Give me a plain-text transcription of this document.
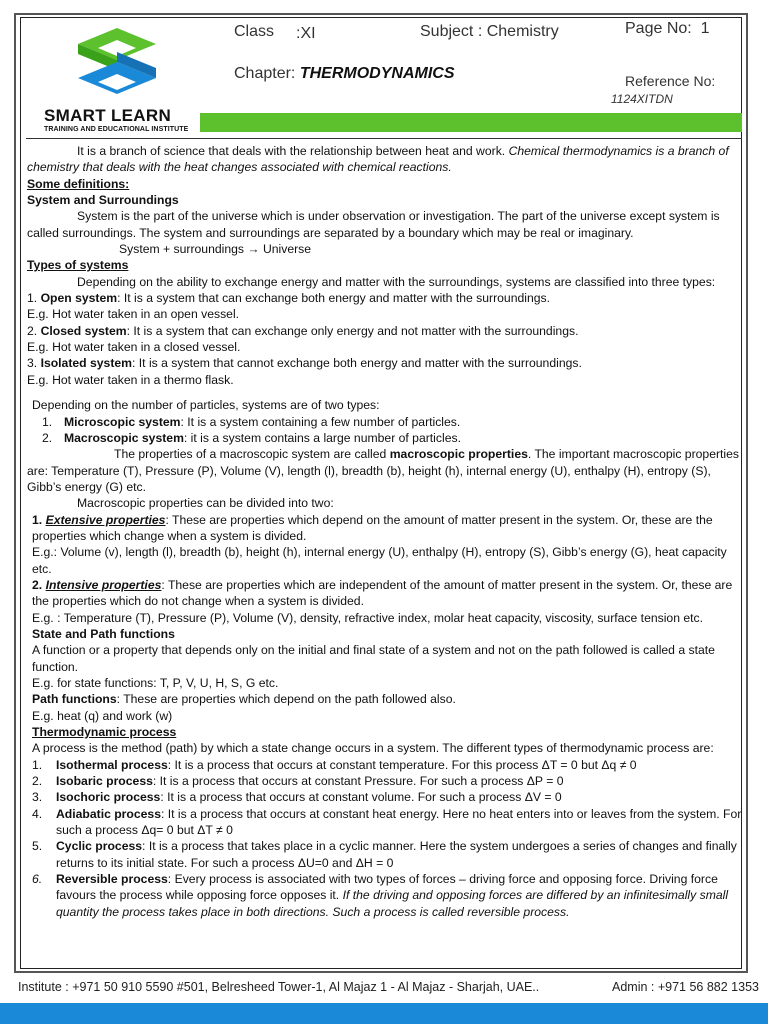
SMART LEARN
TRAINING AND EDUCATIONAL INSTITUTE
Class :XI	Subject : Chemistry	Page No: 1
Chapter: THERMODYNAMICS	Reference No:
1124XITDN

It is a branch of science that deals with the relationship between heat and work. Chemical thermodynamics is a branch of chemistry that deals with the heat changes associated with chemical reactions.

Some definitions:

System and Surroundings

System is the part of the universe which is under observation or investigation. The part of the universe except system is called surroundings. The system and surroundings are separated by a boundary which may be real or imaginary.

System + surroundings → Universe

Types of systems

Depending on the ability to exchange energy and matter with the surroundings, systems are classified into three types:

1. Open system: It is a system that can exchange both energy and matter with the surroundings.

E.g. Hot water taken in an open vessel.

2. Closed system: It is a system that can exchange only energy and not matter with the surroundings.

E.g. Hot water taken in a closed vessel.

3. Isolated system: It is a system that cannot exchange both energy and matter with the surroundings.

E.g. Hot water taken in a thermo flask.

Depending on the number of particles, systems are of two types:

1. Microscopic system: It is a system containing a few number of particles.
2. Macroscopic system: it is a system contains a large number of particles.

The properties of a macroscopic system are called macroscopic properties. The important macroscopic properties are: Temperature (T), Pressure (P), Volume (V), length (l), breadth (b), height (h), internal energy (U), enthalpy (H), entropy (S), Gibb’s energy (G) etc.

Macroscopic properties can be divided into two:

1. Extensive properties: These are properties which depend on the amount of matter present in the system. Or, these are the properties which change when a system is divided.

E.g.: Volume (v), length (l), breadth (b), height (h), internal energy (U), enthalpy (H), entropy (S), Gibb’s energy (G), heat capacity etc.

2. Intensive properties: These are properties which are independent of the amount of matter present in the system. Or, these are the properties which do not change when a system is divided.

E.g. : Temperature (T), Pressure (P), Volume (V), density, refractive index, molar heat capacity, viscosity, surface tension etc.

State and Path functions

A function or a property that depends only on the initial and final state of a system and not on the path followed is called a state function.

E.g. for state functions: T, P, V, U, H, S, G etc.

Path functions: These are properties which depend on the path followed also.

E.g. heat (q) and work (w)

Thermodynamic process

A process is the method (path) by which a state change occurs in a system. The different types of thermodynamic process are:

1.	Isothermal process: It is a process that occurs at constant temperature. For this process ΔT = 0 but Δq ≠ 0
2.	Isobaric process: It is a process that occurs at constant Pressure. For such a process ΔP = 0
3.	Isochoric process: It is a process that occurs at constant volume. For such a process ΔV = 0
4.	Adiabatic process: It is a process that occurs at constant heat energy. Here no heat enters into or leaves from the system. For such a process Δq= 0 but ΔT ≠ 0
5.	Cyclic process: It is a process that takes place in a cyclic manner. Here the system undergoes a series of changes and finally returns to its initial state. For such a process ΔU=0 and ΔH = 0
6.	Reversible process: Every process is associated with two types of forces – driving force and opposing force. Driving force favours the process while opposing force opposes it. If the driving and opposing forces are differed by an infinitesimally small quantity the process takes place in both directions. Such a process is called reversible process.
Institute : +971 50 910 5590 #501, Belresheed Tower-1, Al Majaz 1 - Al Majaz - Sharjah, UAE..	Admin : +971 56 882 1353
